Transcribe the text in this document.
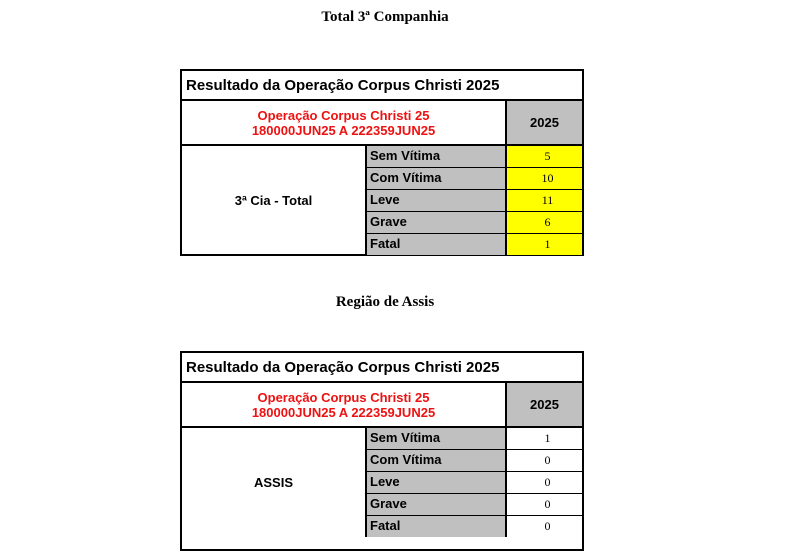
Total 3ª Companhia
Resultado da Operação Corpus Christi 2025
Operação Corpus Christi 25
180000JUN25 A 222359JUN25	2025
3ª Cia - Total
Sem Vítima	5
Com Vítima	10
Leve	11
Grave	6
Fatal	1
Região de Assis
Resultado da Operação Corpus Christi 2025
Operação Corpus Christi 25
180000JUN25 A 222359JUN25	2025
ASSIS
Sem Vítima	1
Com Vítima	0
Leve	0
Grave	0
Fatal	0
